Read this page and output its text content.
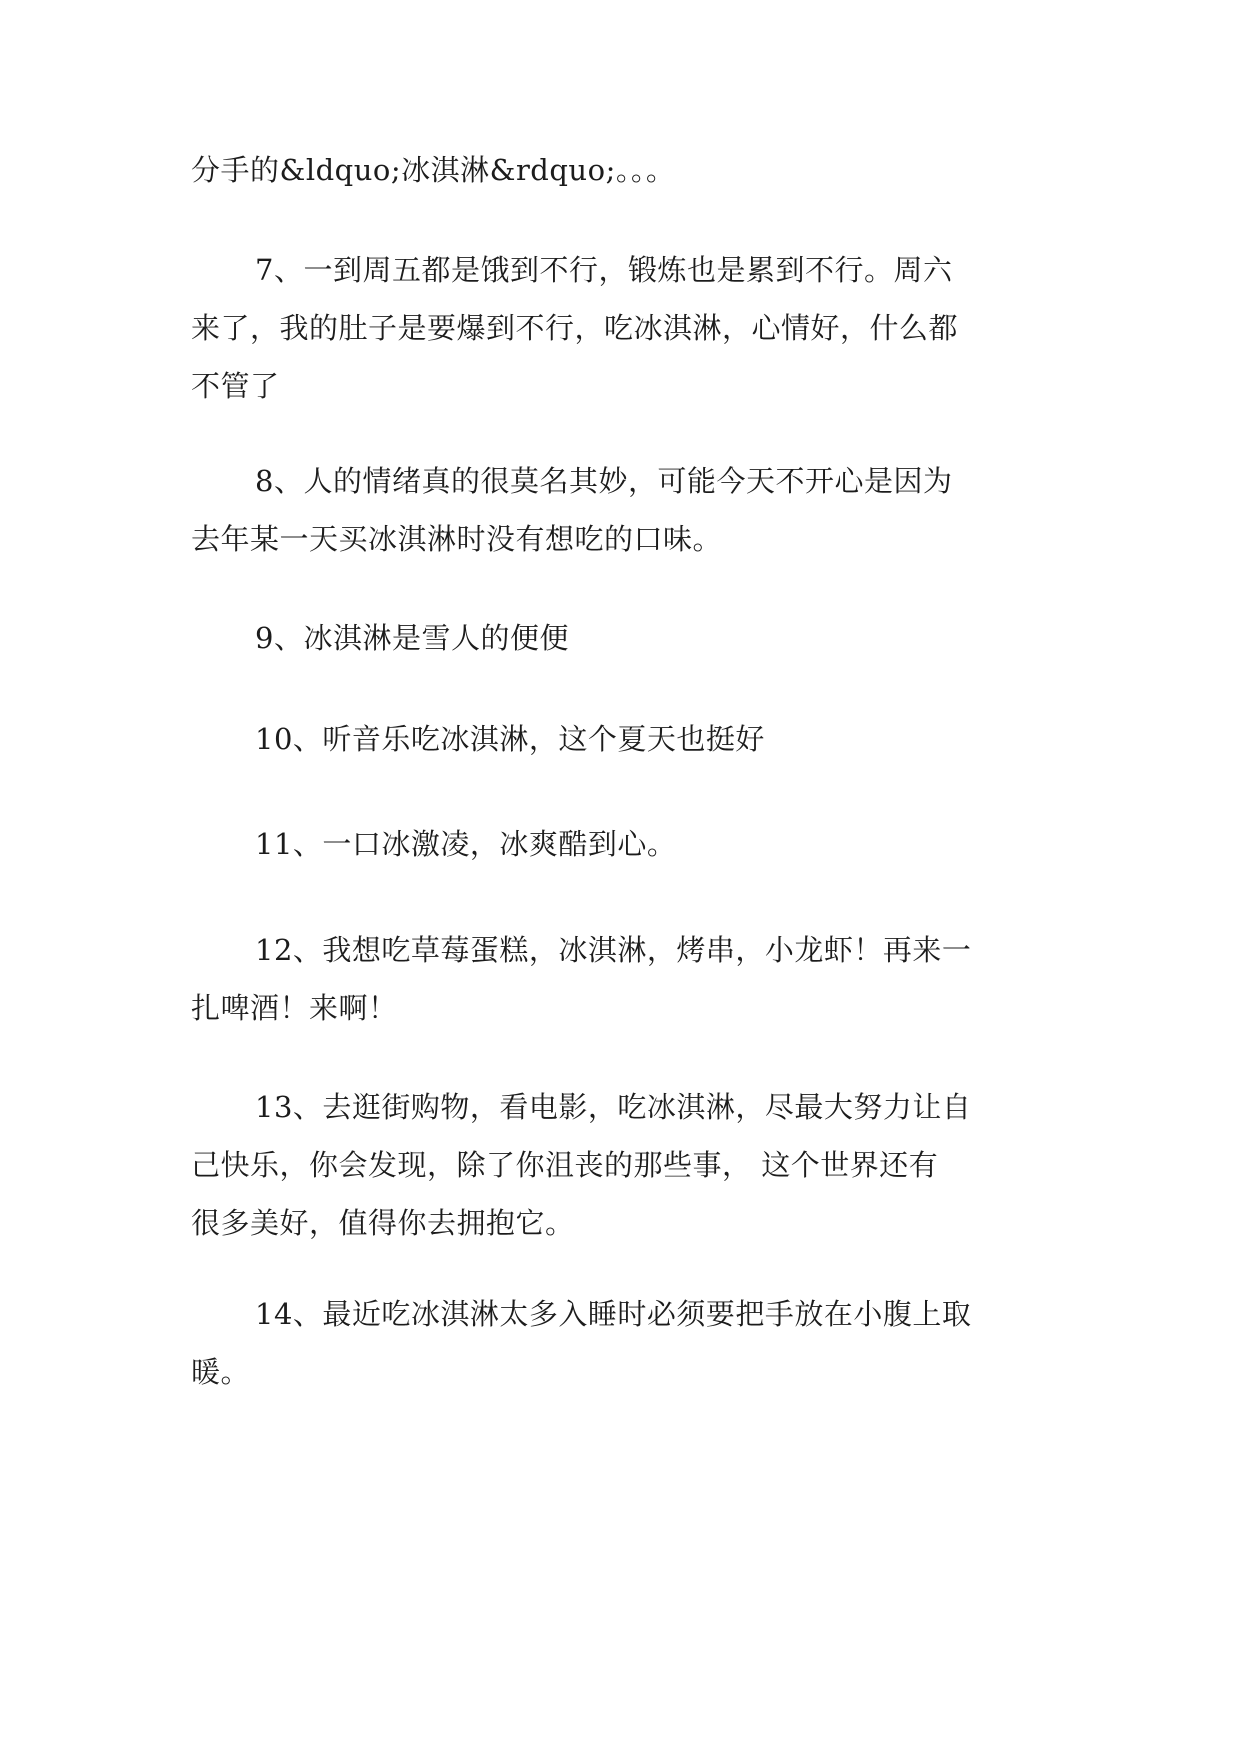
分手的&ldquo;冰淇淋&rdquo;。。。

7、一到周五都是饿到不行，锻炼也是累到不行。周六
来了，我的肚子是要爆到不行，吃冰淇淋，心情好，什么都
不管了

8、人的情绪真的很莫名其妙，可能今天不开心是因为
去年某一天买冰淇淋时没有想吃的口味。

9、冰淇淋是雪人的便便

10、听音乐吃冰淇淋，这个夏天也挺好

11、一口冰激凌，冰爽酷到心。

12、我想吃草莓蛋糕，冰淇淋，烤串，小龙虾！再来一
扎啤酒！来啊！

13、去逛街购物，看电影，吃冰淇淋，尽最大努力让自
己快乐，你会发现，除了你沮丧的那些事， 这个世界还有
很多美好，值得你去拥抱它。

14、最近吃冰淇淋太多入睡时必须要把手放在小腹上取
暖。
